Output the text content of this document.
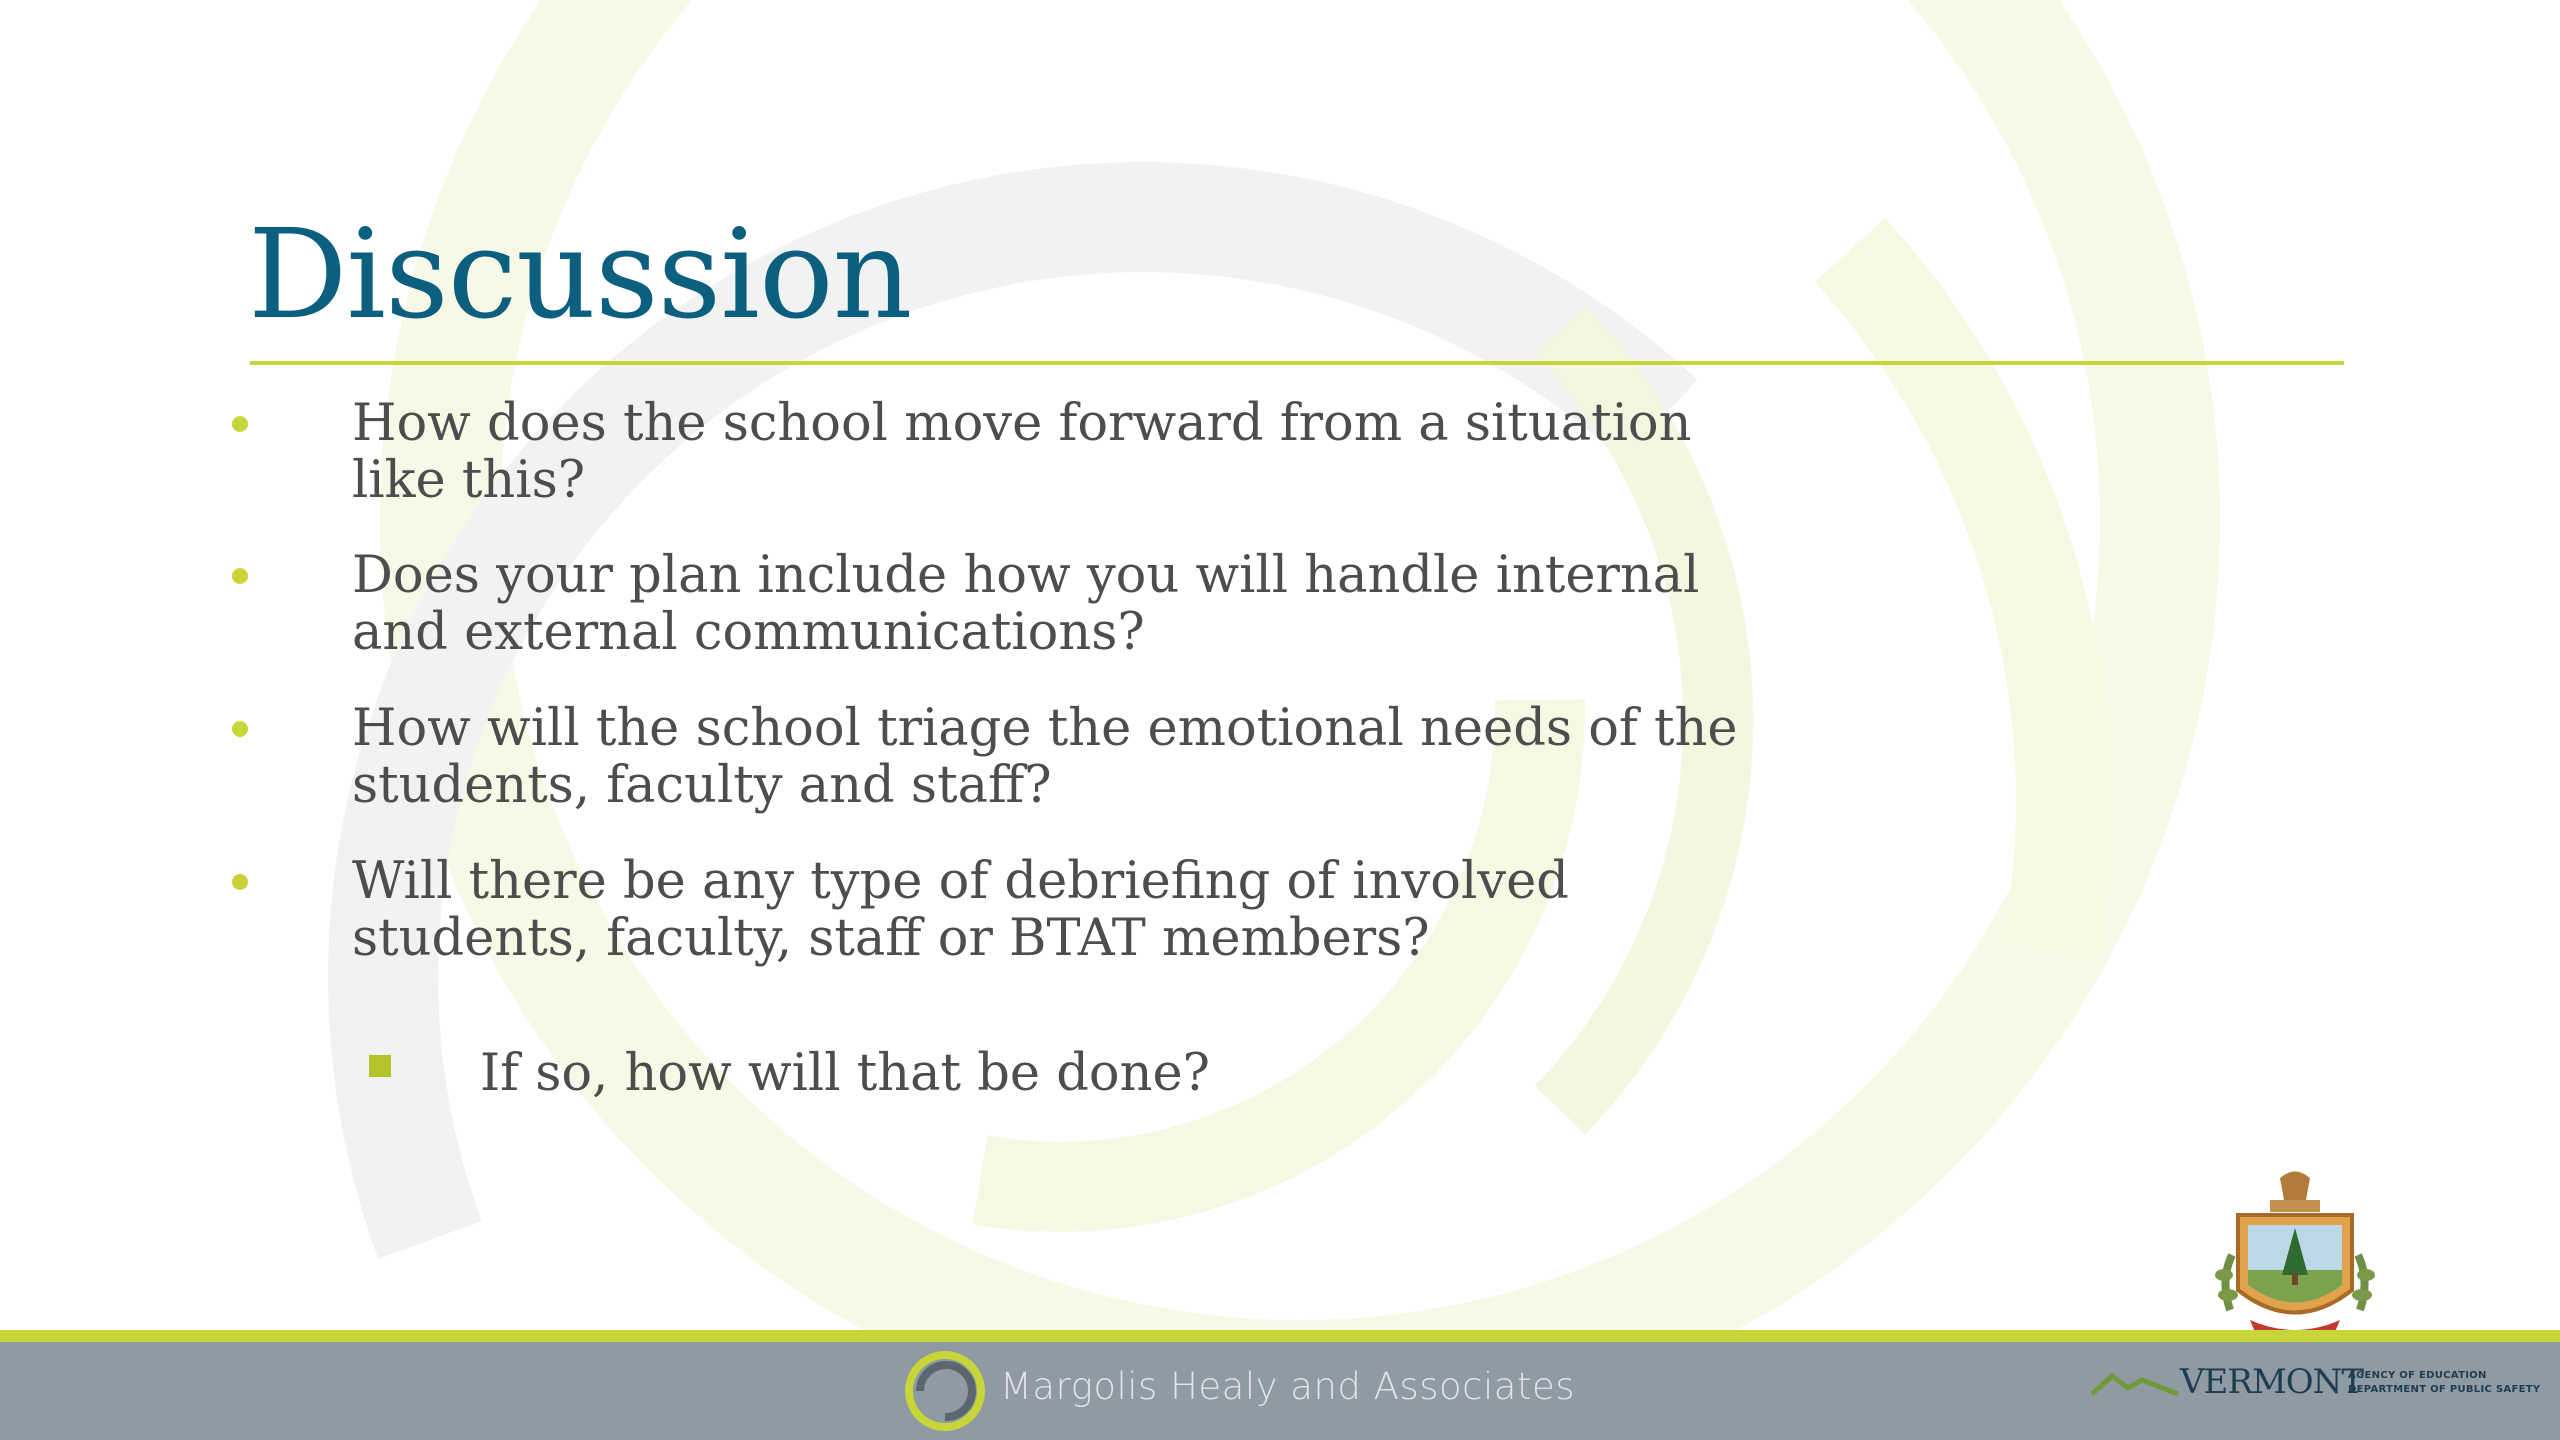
Discussion
How does the school move forward from a situation like this?
Does your plan include how you will handle internal and external communications?
How will the school triage the emotional needs of the students, faculty and staff?
Will there be any type of debriefing of involved students, faculty, staff or BTAT members?
If so, how will that be done?
Margolis Healy and Associates	VERMONT
AGENCY OF EDUCATION
DEPARTMENT OF PUBLIC SAFETY
